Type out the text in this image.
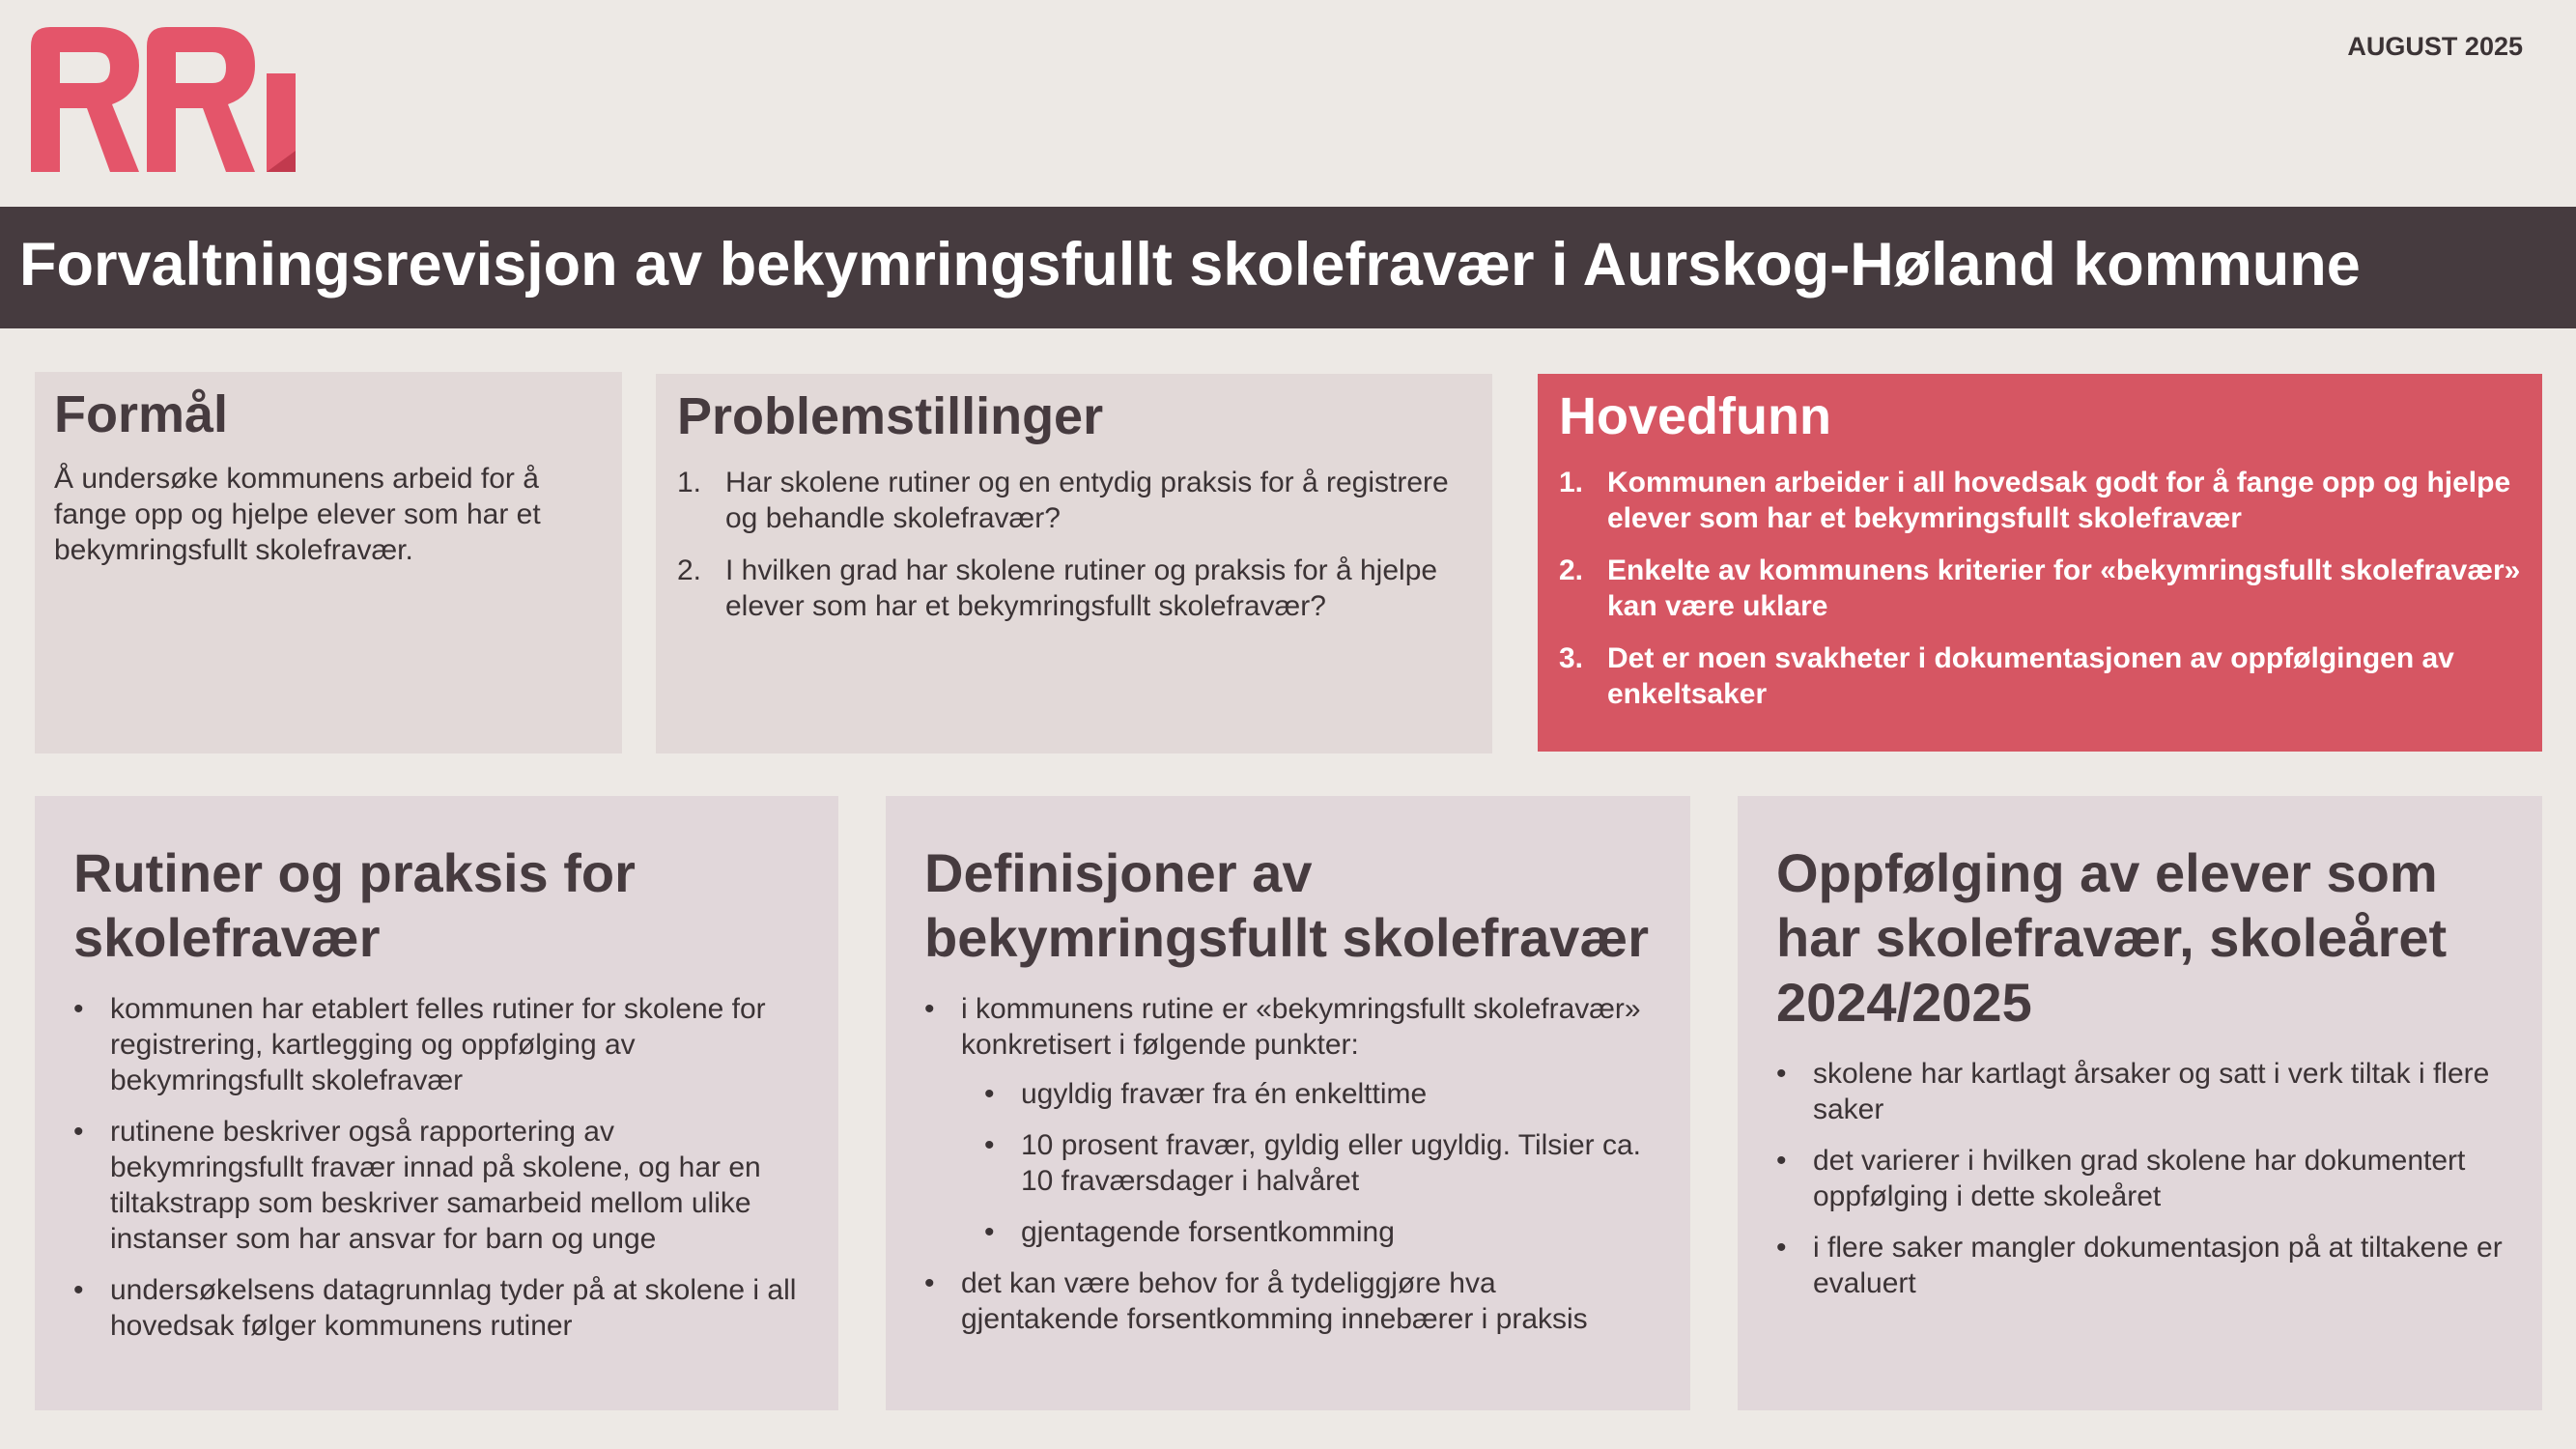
RRI
AUGUST 2025
Forvaltningsrevisjon av bekymringsfullt skolefravær i Aurskog-Høland kommune
Formål

Å undersøke kommunens arbeid for å fange opp og hjelpe elever som har et bekymringsfullt skolefravær.

Problemstillinger
1. Har skolene rutiner og en entydig praksis for å registrere og behandle skolefravær?
2. I hvilken grad har skolene rutiner og praksis for å hjelpe elever som har et bekymringsfullt skolefravær?
Hovedfunn
1. Kommunen arbeider i all hovedsak godt for å fange opp og hjelpe elever som har et bekymringsfullt skolefravær
2. Enkelte av kommunens kriterier for «bekymringsfullt skolefravær» kan være uklare
3. Det er noen svakheter i dokumentasjonen av oppfølgingen av enkeltsaker
Rutiner og praksis for skolefravær
• kommunen har etablert felles rutiner for skolene for registrering, kartlegging og oppfølging av bekymringsfullt skolefravær
• rutinene beskriver også rapportering av bekymringsfullt fravær innad på skolene, og har en tiltakstrapp som beskriver samarbeid mellom ulike instanser som har ansvar for barn og unge
• undersøkelsens datagrunnlag tyder på at skolene i all hovedsak følger kommunens rutiner
Definisjoner av bekymringsfullt skolefravær
• i kommunens rutine er «bekymringsfullt skolefravær» konkretisert i følgende punkter:
• ugyldig fravær fra én enkelttime
• 10 prosent fravær, gyldig eller ugyldig. Tilsier ca. 10 fraværsdager i halvåret
• gjentagende forsentkomming
• det kan være behov for å tydeliggjøre hva gjentakende forsentkomming innebærer i praksis
Oppfølging av elever som har skolefravær, skoleåret 2024/2025
• skolene har kartlagt årsaker og satt i verk tiltak i flere saker
• det varierer i hvilken grad skolene har dokumentert oppfølging i dette skoleåret
• i flere saker mangler dokumentasjon på at tiltakene er evaluert
